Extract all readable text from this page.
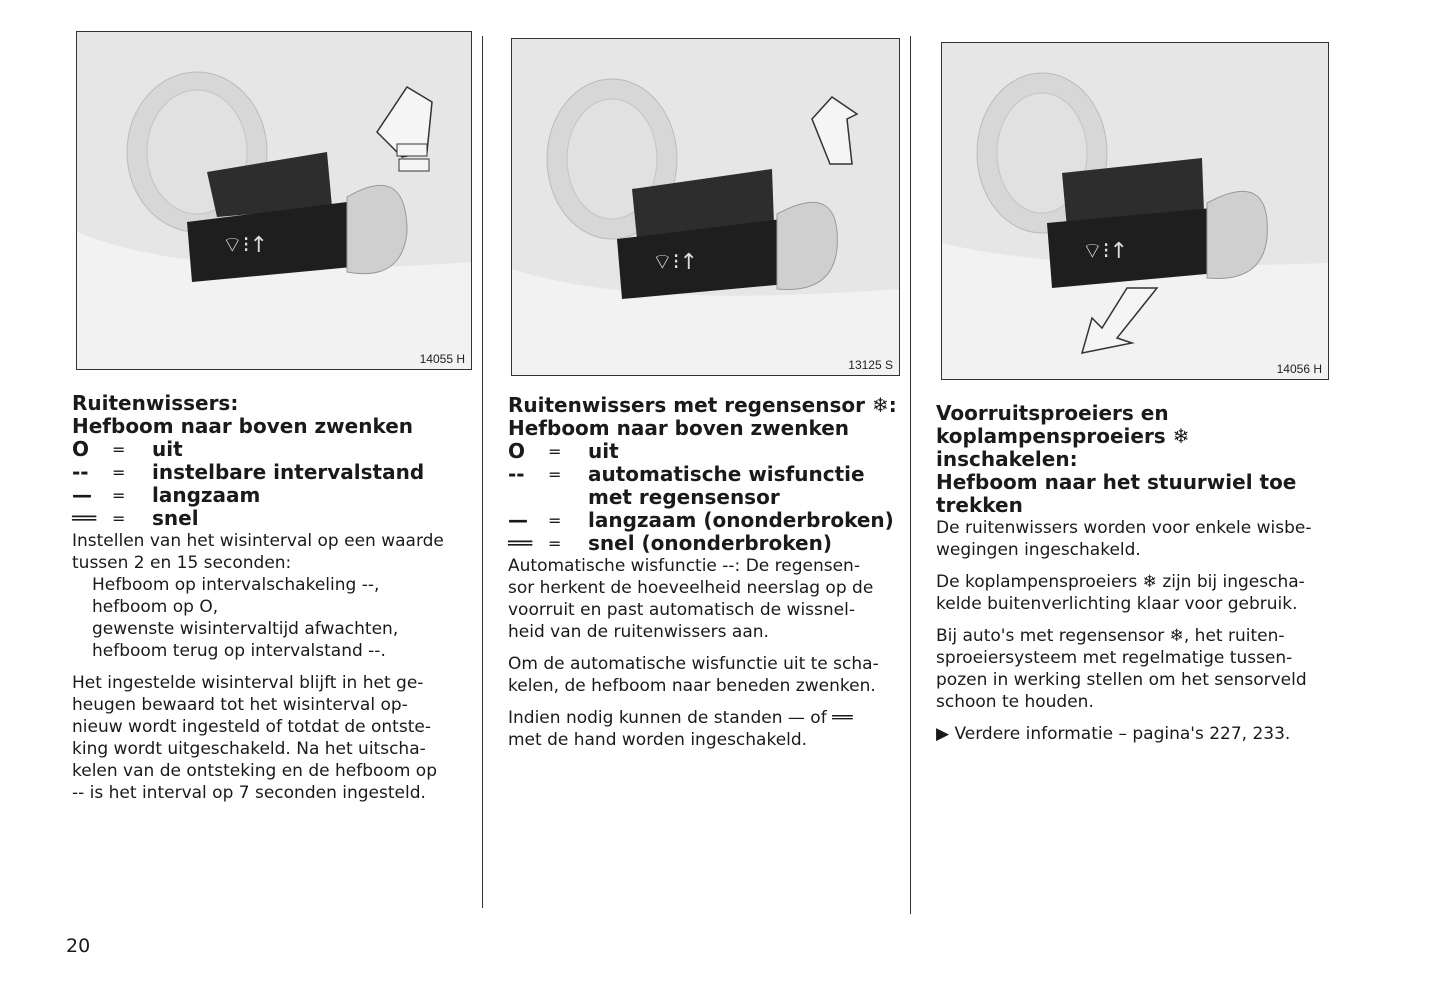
⌔⁝↑
14055 H
⌔⁝↑
13125 S
⌔⁝↑
14056 H

Ruitenwissers:

Hefboom naar boven zwenken

O	=	uit
--	=	instelbare intervalstand
—	=	langzaam
══ =	snel

Instellen van het wisinterval op een waarde

tussen 2 en 15 seconden:

Hefboom op intervalschakeling --,

hefboom op O,

gewenste wisintervaltijd afwachten,

hefboom terug op intervalstand --.

Het ingestelde wisinterval blijft in het ge-

heugen bewaard tot het wisinterval op-

nieuw wordt ingesteld of totdat de ontste-

king wordt uitgeschakeld. Na het uitscha-

kelen van de ontsteking en de hefboom op

-- is het interval op 7 seconden ingesteld.

Ruitenwissers met regensensor ❄:

Hefboom naar boven zwenken

O	=	uit
--	=	automatische wisfunctie
met regensensor
—	=	langzaam (ononderbroken)
══ =	snel (ononderbroken)

Automatische wisfunctie --: De regensen-

sor herkent de hoeveelheid neerslag op de

voorruit en past automatisch de wissnel-

heid van de ruitenwissers aan.

Om de automatische wisfunctie uit te scha-

kelen, de hefboom naar beneden zwenken.

Indien nodig kunnen de standen — of ══

met de hand worden ingeschakeld.

Voorruitsproeiers en

koplampensproeiers ❄ inschakelen:

Hefboom naar het stuurwiel toe

trekken

De ruitenwissers worden voor enkele wisbe-

wegingen ingeschakeld.

De koplampensproeiers ❄ zijn bij ingescha-

kelde buitenverlichting klaar voor gebruik.

Bij auto's met regensensor ❄, het ruiten-

sproeiersysteem met regelmatige tussen-

pozen in werking stellen om het sensorveld

schoon te houden.

▶ Verdere informatie – pagina's 227, 233.

20
